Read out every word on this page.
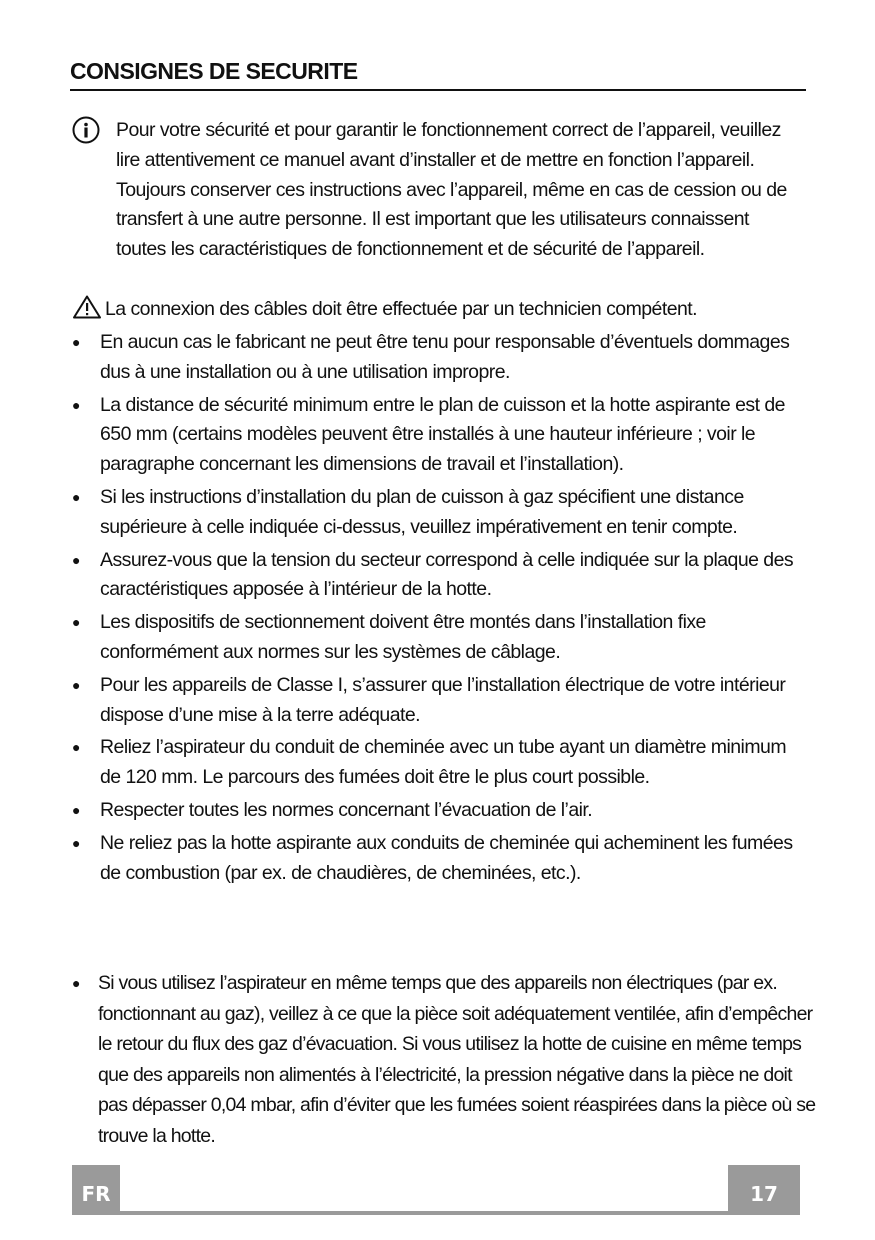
CONSIGNES DE SECURITE

Pour votre sécurité et pour garantir le fonctionnement correct de l’appareil, veuillez lire attentivement ce manuel avant d’installer et de mettre en fonction l’appareil. Toujours conserver ces instructions avec l’appareil, même en cas de cession ou de transfert à une autre personne. Il est important que les utilisateurs connaissent toutes les caractéristiques de fonctionnement et de sécurité de l’appareil.

La connexion des câbles doit être effectuée par un technicien compétent.
● En aucun cas le fabricant ne peut être tenu pour responsable d’éventuels dommages dus à une installation ou à une utilisation impropre.
● La distance de sécurité minimum entre le plan de cuisson et la hotte aspirante est de 650 mm (certains modèles peuvent être installés à une hauteur inférieure ; voir le paragraphe concernant les dimensions de travail et l’installation).
● Si les instructions d’installation du plan de cuisson à gaz spécifient une distance supérieure à celle indiquée ci-dessus, veuillez impérativement en tenir compte.
● Assurez-vous que la tension du secteur correspond à celle indiquée sur la plaque des caractéristiques apposée à l’intérieur de la hotte.
● Les dispositifs de sectionnement doivent être montés dans l’installation fixe conformément aux normes sur les systèmes de câblage.
● Pour les appareils de Classe I, s’assurer que l’installation électrique de votre intérieur dispose d’une mise à la terre adéquate.
● Reliez l’aspirateur du conduit de cheminée avec un tube ayant un diamètre minimum de 120 mm. Le parcours des fumées doit être le plus court possible.
● Respecter toutes les normes concernant l’évacuation de l’air.
● Ne reliez pas la hotte aspirante aux conduits de cheminée qui acheminent les fumées de combustion (par ex. de chaudières, de cheminées, etc.).
● Si vous utilisez l’aspirateur en même temps que des appareils non électriques (par ex. fonctionnant au gaz), veillez à ce que la pièce soit adéquatement ventilée, afin d’empêcher le retour du flux des gaz d’évacuation. Si vous utilisez la hotte de cuisine en même temps que des appareils non alimentés à l’électricité, la pression négative dans la pièce ne doit pas dépasser 0,04 mbar, afin d’éviter que les fumées soient réaspirées dans la pièce où se trouve la hotte.

FR	17
